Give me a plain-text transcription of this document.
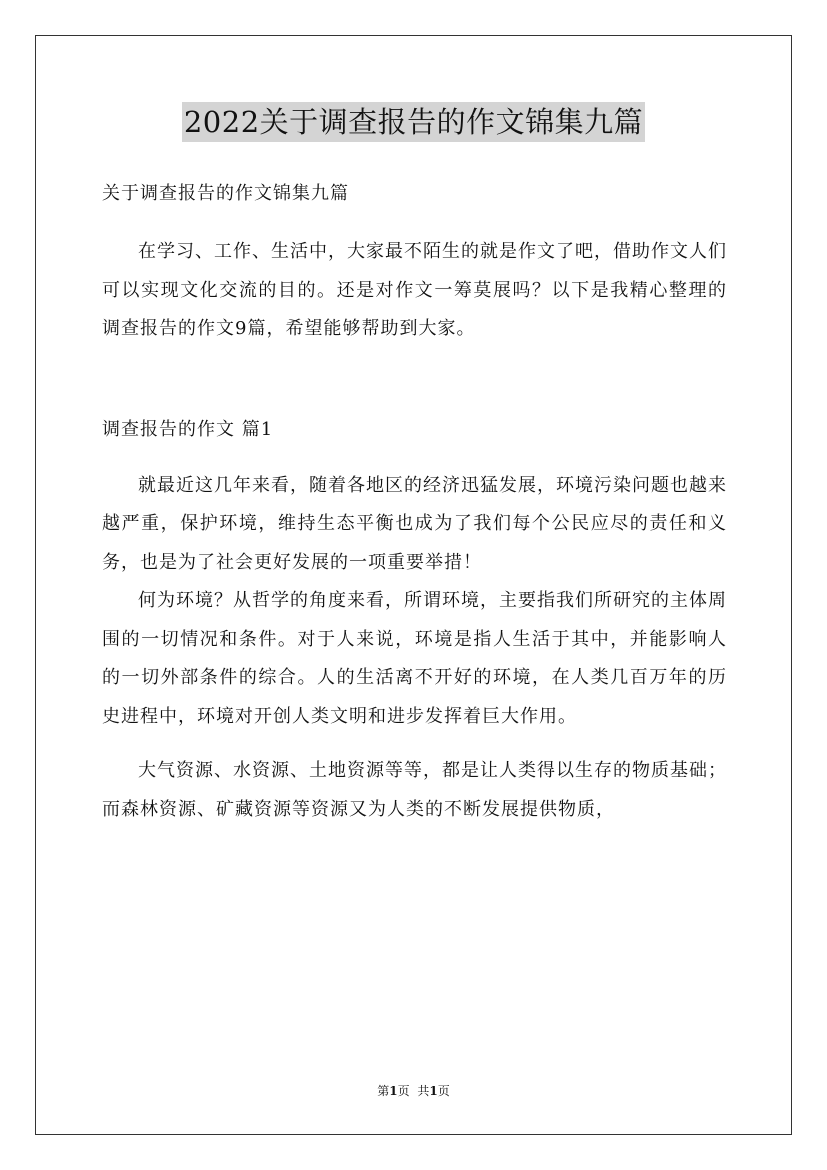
2022关于调查报告的作文锦集九篇

关于调查报告的作文锦集九篇

在学习、工作、生活中，大家最不陌生的就是作文了吧，借助作文人们可以实现文化交流的目的。还是对作文一筹莫展吗？以下是我精心整理的调查报告的作文9篇，希望能够帮助到大家。

调查报告的作文 篇1

就最近这几年来看，随着各地区的经济迅猛发展，环境污染问题也越来越严重，保护环境，维持生态平衡也成为了我们每个公民应尽的责任和义务，也是为了社会更好发展的一项重要举措！

何为环境？从哲学的角度来看，所谓环境，主要指我们所研究的主体周围的一切情况和条件。对于人来说，环境是指人生活于其中，并能影响人的一切外部条件的综合。人的生活离不开好的环境，在人类几百万年的历史进程中，环境对开创人类文明和进步发挥着巨大作用。

大气资源、水资源、土地资源等等，都是让人类得以生存的物质基础；而森林资源、矿藏资源等资源又为人类的不断发展提供物质，

第1页 共1页
